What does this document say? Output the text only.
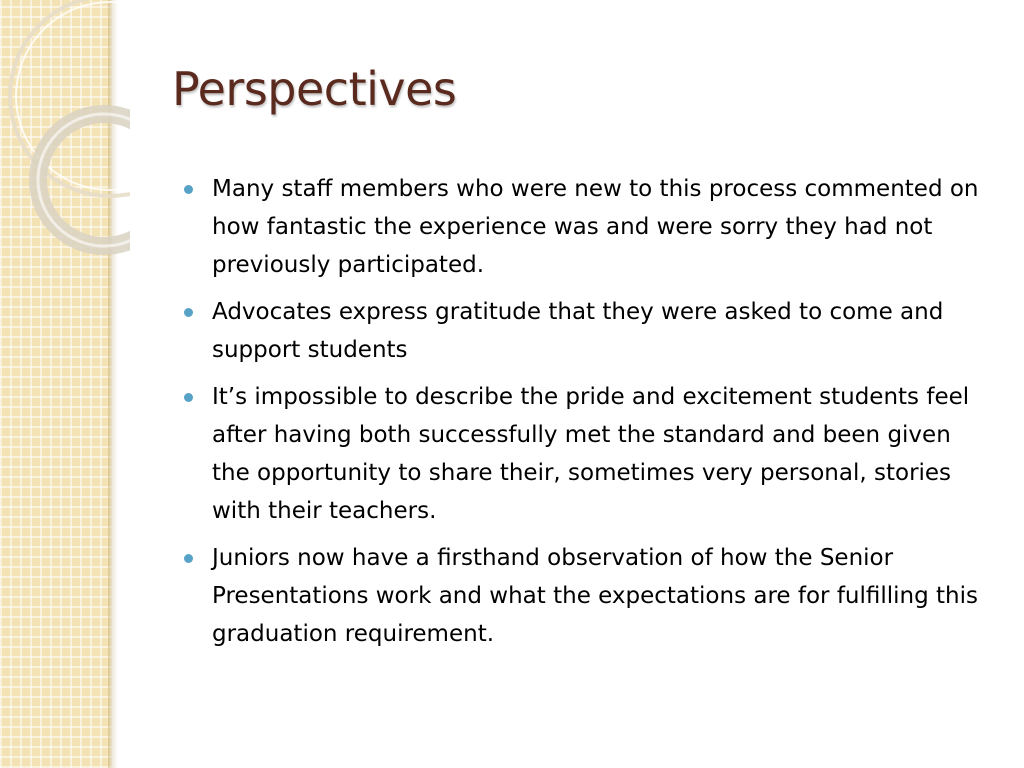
Perspectives
Many staff members who were new to this process commented on how fantastic the experience was and were sorry they had not previously participated.
Advocates express gratitude that they were asked to come and support students
It’s impossible to describe the pride and excitement students feel after having both successfully met the standard and been given the opportunity to share their, sometimes very personal, stories with their teachers.
Juniors now have a firsthand observation of how the Senior Presentations work and what the expectations are for fulfilling this graduation requirement.
